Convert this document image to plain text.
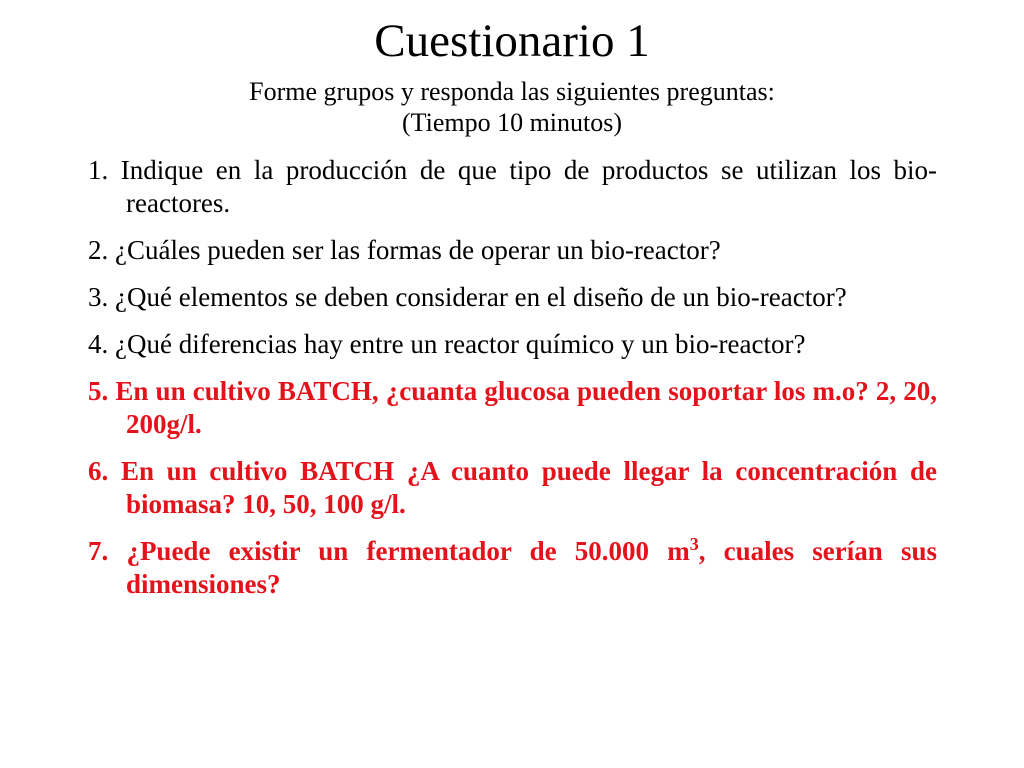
Cuestionario 1
Forme grupos y responda las siguientes preguntas:
(Tiempo 10 minutos)
1. Indique en la producción de que tipo de productos se utilizan los bio-reactores.
2. ¿Cuáles pueden ser las formas de operar un bio-reactor?
3. ¿Qué elementos se deben considerar en el diseño de un bio-reactor?
4. ¿Qué diferencias hay entre un reactor químico y un bio-reactor?
5. En un cultivo BATCH, ¿cuanta glucosa pueden soportar los m.o? 2, 20, 200g/l.
6. En un cultivo BATCH ¿A cuanto puede llegar la concentración de biomasa? 10, 50, 100 g/l.
7. ¿Puede existir un fermentador de 50.000 $m^3$, cuales serían sus dimensiones?
